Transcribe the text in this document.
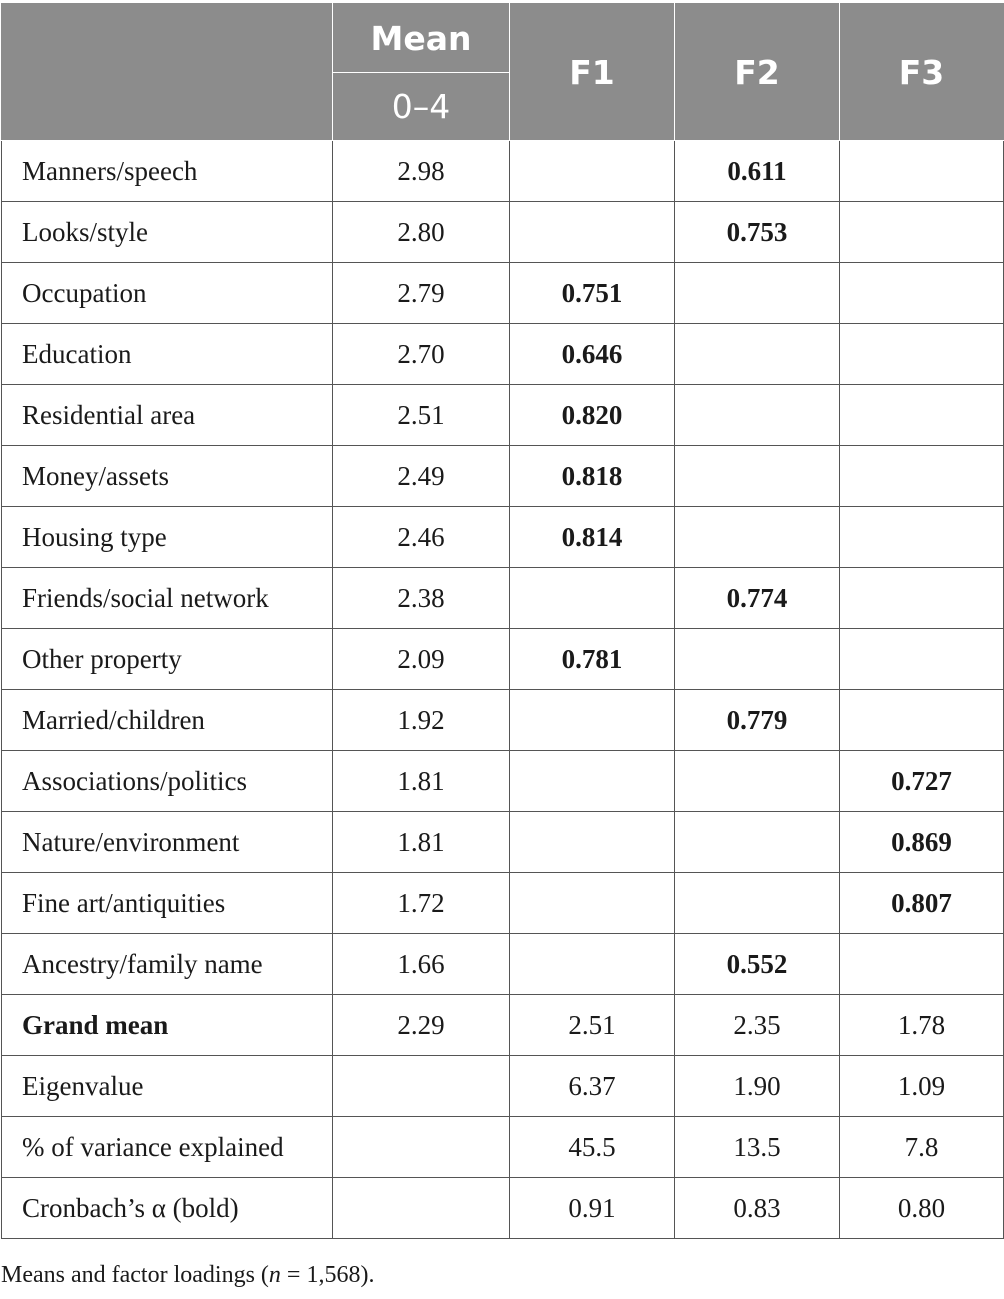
	Mean	F1	F2	F3
	0–4			
Manners/speech	2.98		0.611	
Looks/style	2.80		0.753	
Occupation	2.79	0.751		
Education	2.70	0.646		
Residential area	2.51	0.820		
Money/assets	2.49	0.818		
Housing type	2.46	0.814		
Friends/social network	2.38		0.774	
Other property	2.09	0.781		
Married/children	1.92		0.779	
Associations/politics	1.81			0.727
Nature/environment	1.81			0.869
Fine art/antiquities	1.72			0.807
Ancestry/family name	1.66		0.552	
Grand mean	2.29	2.51	2.35	1.78
Eigenvalue		6.37	1.90	1.09
% of variance explained		45.5	13.5	7.8
Cronbach’s α (bold)		0.91	0.83	0.80
Means and factor loadings (n = 1,568).
